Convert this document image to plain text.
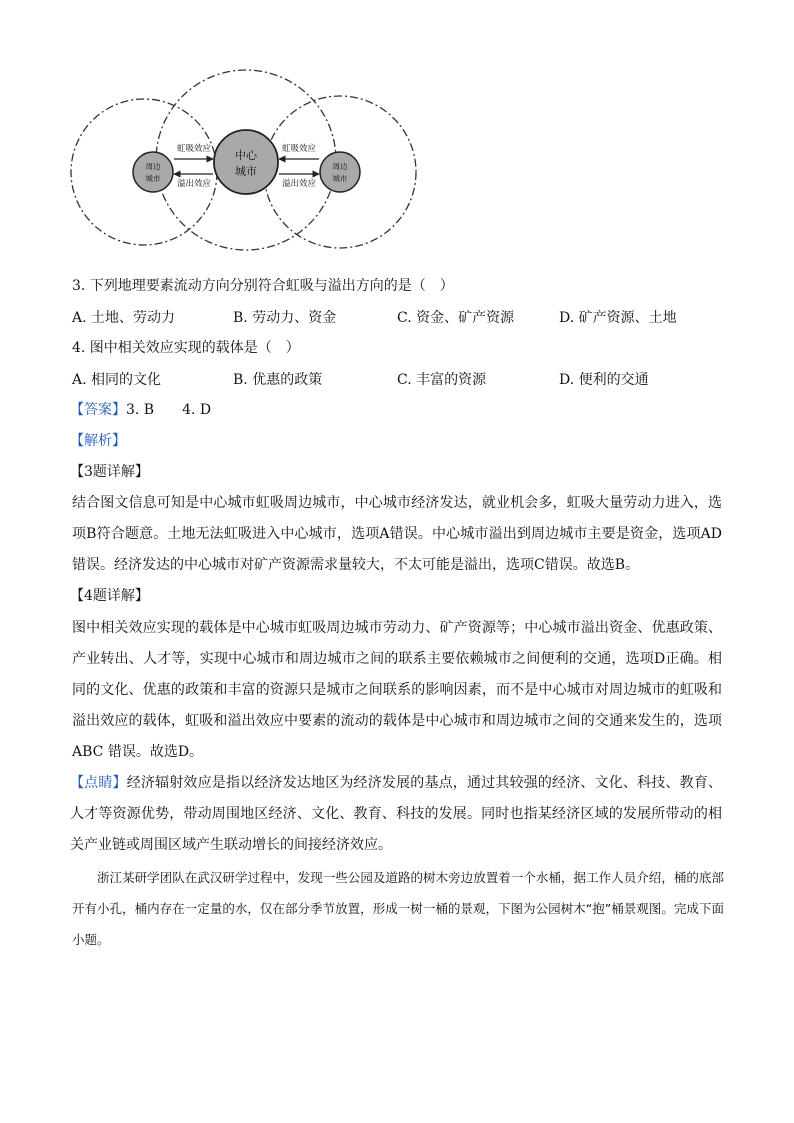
周边
城市
中心
城市	周边
城市
虹吸效应
溢出效应
虹吸效应
溢出效应
3. 下列地理要素流动方向分别符合虹吸与溢出方向的是（　）
A. 土地、劳动力	B. 劳动力、资金	C. 资金、矿产资源	D. 矿产资源、土地
4. 图中相关效应实现的载体是（　）
A. 相同的文化	B. 优惠的政策	C. 丰富的资源	D. 便利的交通
【答案】3. B　　4. D
【解析】
【3题详解】
结合图文信息可知是中心城市虹吸周边城市，中心城市经济发达，就业机会多，虹吸大量劳动力进入，选项B符合题意。土地无法虹吸进入中心城市，选项A错误。中心城市溢出到周边城市主要是资金，选项AD错误。经济发达的中心城市对矿产资源需求量较大，不太可能是溢出，选项C错误。故选B。
【4题详解】
图中相关效应实现的载体是中心城市虹吸周边城市劳动力、矿产资源等；中心城市溢出资金、优惠政策、产业转出、人才等，实现中心城市和周边城市之间的联系主要依赖城市之间便利的交通，选项D正确。相同的文化、优惠的政策和丰富的资源只是城市之间联系的影响因素，而不是中心城市对周边城市的虹吸和溢出效应的载体，虹吸和溢出效应中要素的流动的载体是中心城市和周边城市之间的交通来发生的，选项ABC 错误。故选D。
【点睛】经济辐射效应是指以经济发达地区为经济发展的基点，通过其较强的经济、文化、科技、教育、人才等资源优势，带动周围地区经济、文化、教育、科技的发展。同时也指某经济区域的发展所带动的相关产业链或周围区域产生联动增长的间接经济效应。
浙江某研学团队在武汉研学过程中，发现一些公园及道路的树木旁边放置着一个水桶，据工作人员介绍，桶的底部开有小孔，桶内存在一定量的水，仅在部分季节放置，形成一树一桶的景观，下图为公园树木“抱”桶景观图。完成下面小题。
